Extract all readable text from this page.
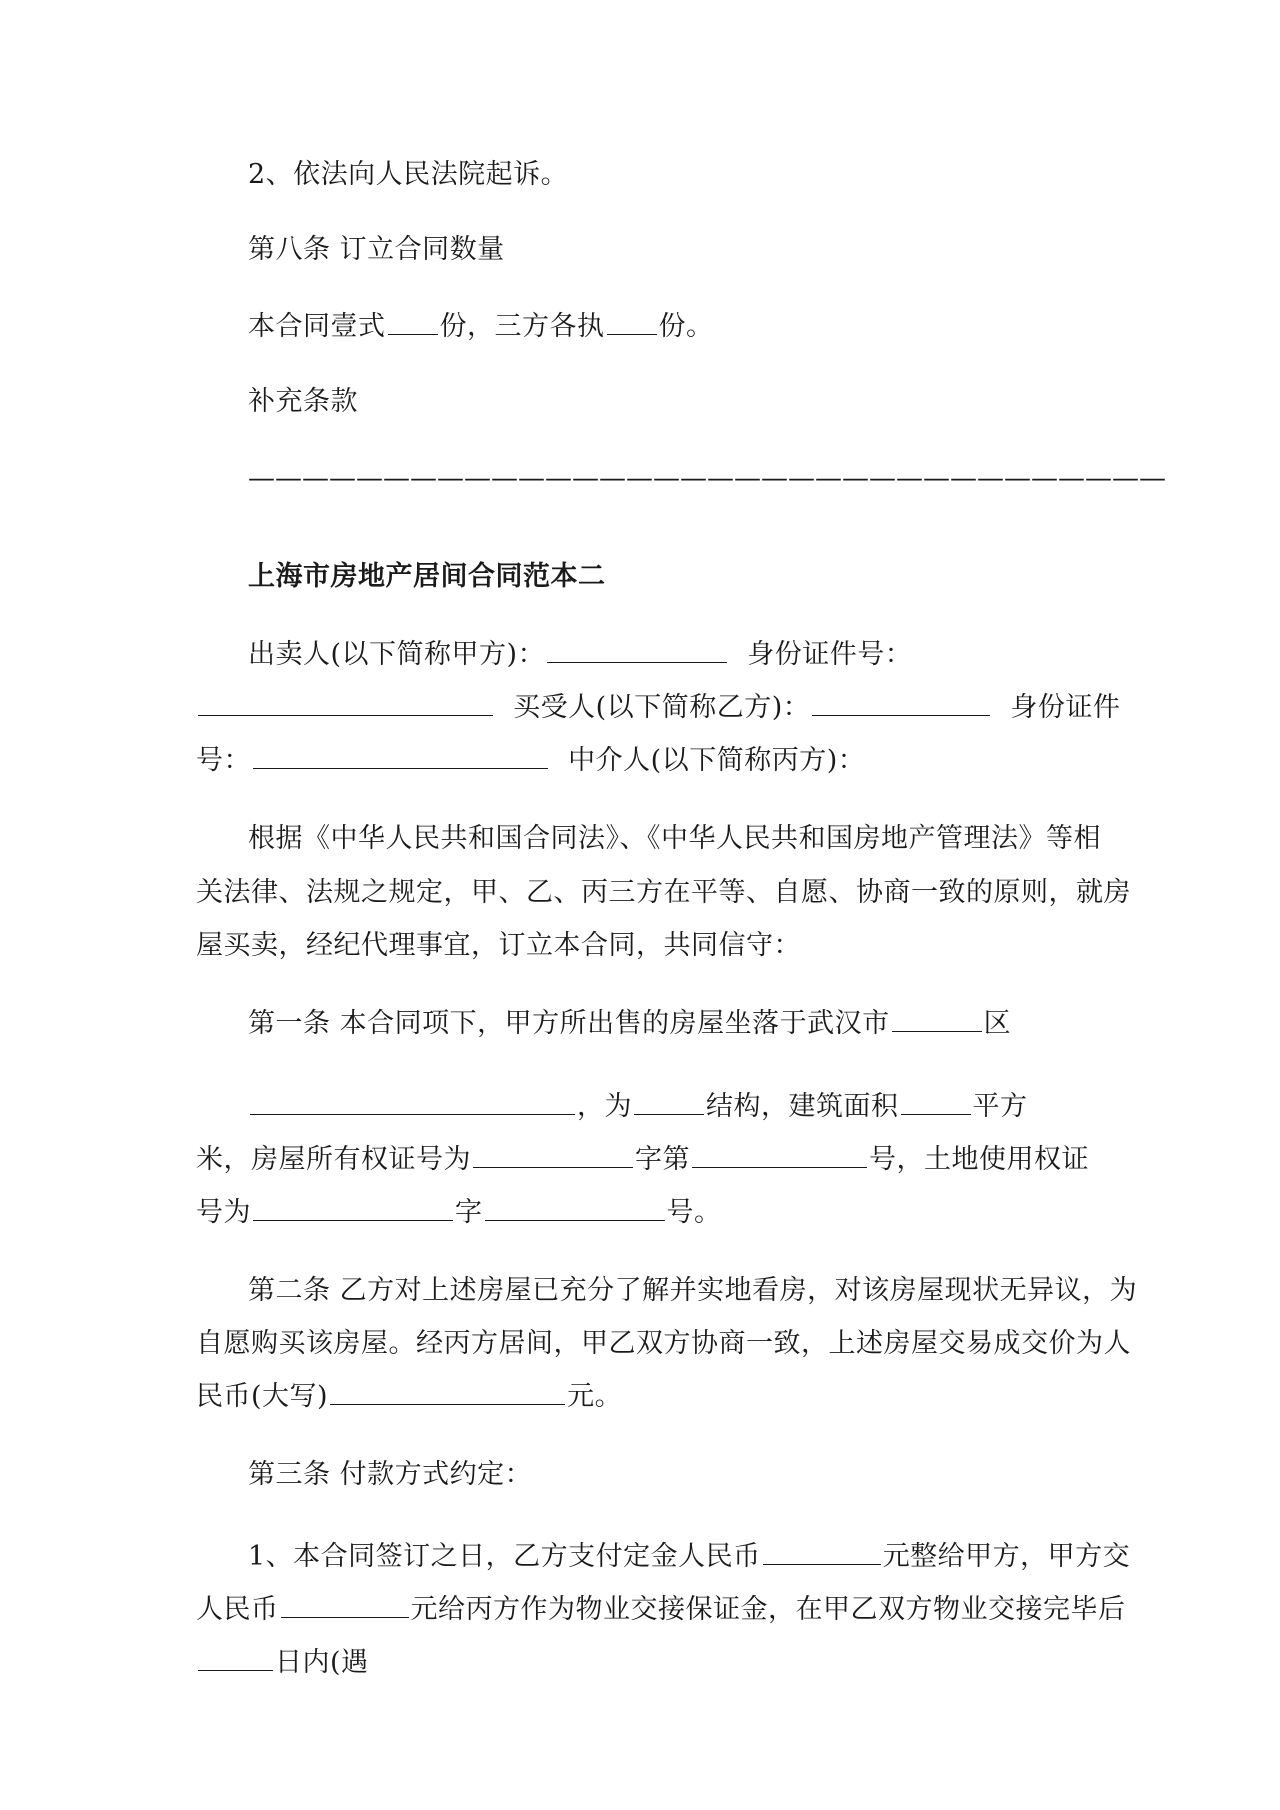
2、依法向人民法院起诉。
第八条 订立合同数量
本合同壹式 份，三方各执 份。
补充条款
——————————————————————————————————
上海市房地产居间合同范本二
出卖人(以下简称甲方)：	身份证件号：
买受人(以下简称乙方)：	身份证件
号：	中介人(以下简称丙方)：
根据《中华人民共和国合同法》、《中华人民共和国房地产管理法》等相
关法律、法规之规定，甲、乙、丙三方在平等、自愿、协商一致的原则，就房
屋买卖，经纪代理事宜，订立本合同，共同信守：
第一条 本合同项下，甲方所出售的房屋坐落于武汉市	区
，为	结构，建筑面积	平方
米，房屋所有权证号为	字第	号，土地使用权证
号为	字	号。
第二条 乙方对上述房屋已充分了解并实地看房，对该房屋现状无异议，为
自愿购买该房屋。经丙方居间，甲乙双方协商一致，上述房屋交易成交价为人
民币(大写)	元。
第三条 付款方式约定：
1、本合同签订之日，乙方支付定金人民币	元整给甲方，甲方交
人民币	元给丙方作为物业交接保证金，在甲乙双方物业交接完毕后
日内(遇
